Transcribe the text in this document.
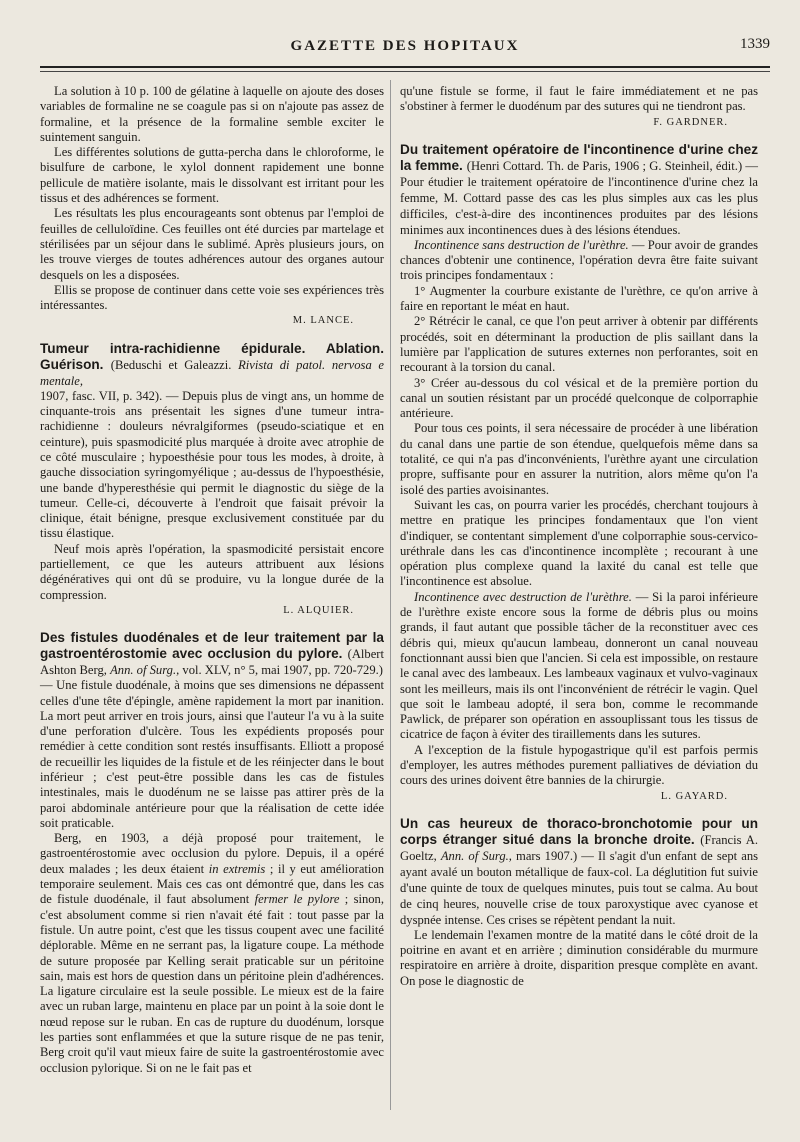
GAZETTE DES HOPITAUX	1339

La solution à 10 p. 100 de gélatine à laquelle on ajoute des doses variables de formaline ne se coagule pas si on n'ajoute pas assez de formaline, et la présence de la formaline semble exciter le suintement sanguin.

Les différentes solutions de gutta-percha dans le chloroforme, le bisulfure de carbone, le xylol donnent rapidement une bonne pellicule de matière isolante, mais le dissolvant est irritant pour les tissus et des adhérences se forment.

Les résultats les plus encourageants sont obtenus par l'emploi de feuilles de celluloïdine. Ces feuilles ont été durcies par martelage et stérilisées par un séjour dans le sublimé. Après plusieurs jours, on les trouve vierges de toutes adhérences autour des organes autour desquels on les a disposées.

Ellis se propose de continuer dans cette voie ses expériences très intéressantes.

M. LANCE.
Tumeur intra-rachidienne épidurale. Ablation. Guérison. (Beduschi et Galeazzi. Rivista di patol. nervosa e mentale,

1907, fasc. VII, p. 342). — Depuis plus de vingt ans, un homme de cinquante-trois ans présentait les signes d'une tumeur intra-rachidienne : douleurs névralgiformes (pseudo-sciatique et en ceinture), puis spasmodicité plus marquée à droite avec atrophie de ce côté musculaire ; hypoesthésie pour tous les modes, à droite, à gauche dissociation syringomyélique ; au-dessus de l'hypoesthésie, une bande d'hyperesthésie qui permit le diagnostic du siège de la tumeur. Celle-ci, découverte à l'endroit que faisait prévoir la clinique, était bénigne, presque exclusivement constituée par du tissu élastique.

Neuf mois après l'opération, la spasmodicité persistait encore partiellement, ce que les auteurs attribuent aux lésions dégénératives qui ont dû se produire, vu la longue durée de la compression.

L. ALQUIER.
Des fistules duodénales et de leur traitement par la gastroentérostomie avec occlusion du pylore. (Albert Ashton Berg, Ann. of Surg., vol. XLV, n° 5, mai 1907, pp. 720-729.)

— Une fistule duodénale, à moins que ses dimensions ne dépassent celles d'une tête d'épingle, amène rapidement la mort par inanition. La mort peut arriver en trois jours, ainsi que l'auteur l'a vu à la suite d'une perforation d'ulcère. Tous les expédients proposés pour remédier à cette condition sont restés insuffisants. Elliott a proposé de recueillir les liquides de la fistule et de les réinjecter dans le bout inférieur ; c'est peut-être possible dans les cas de fistules intestinales, mais le duodénum ne se laisse pas attirer près de la paroi abdominale antérieure pour que la réalisation de cette idée soit praticable.

Berg, en 1903, a déjà proposé pour traitement, le gastroentérostomie avec occlusion du pylore. Depuis, il a opéré deux malades ; les deux étaient in extremis ; il y eut amélioration temporaire seulement. Mais ces cas ont démontré que, dans les cas de fistule duodénale, il faut absolument fermer le pylore ; sinon, c'est absolument comme si rien n'avait été fait : tout passe par la fistule. Un autre point, c'est que les tissus coupent avec une facilité déplorable. Même en ne serrant pas, la ligature coupe. La méthode de suture proposée par Kelling serait praticable sur un péritoine sain, mais est hors de question dans un péritoine plein d'adhérences. La ligature circulaire est la seule possible. Le mieux est de la faire avec un ruban large, maintenu en place par un point à la soie dont le nœud repose sur le ruban. En cas de rupture du duodénum, lorsque les parties sont enflammées et que la suture risque de ne pas tenir, Berg croit qu'il vaut mieux faire de suite la gastroentérostomie avec occlusion pylorique. Si on ne le fait pas et

qu'une fistule se forme, il faut le faire immédiatement et ne pas s'obstiner à fermer le duodénum par des sutures qui ne tiendront pas.

F. GARDNER.
Du traitement opératoire de l'incontinence d'urine chez la femme. (Henri Cottard. Th. de Paris, 1906 ; G. Steinheil, édit.) — Pour étudier le traitement opératoire de l'incontinence d'urine chez la femme, M. Cottard passe des cas les plus simples aux cas les plus difficiles, c'est-à-dire des incontinences produites par des lésions minimes aux incontinences dues à des lésions étendues.

Incontinence sans destruction de l'urèthre. — Pour avoir de grandes chances d'obtenir une continence, l'opération devra être faite suivant trois principes fondamentaux :

1° Augmenter la courbure existante de l'urèthre, ce qu'on arrive à faire en reportant le méat en haut.

2° Rétrécir le canal, ce que l'on peut arriver à obtenir par différents procédés, soit en déterminant la production de plis saillant dans la lumière par l'application de sutures externes non perforantes, soit en recourant à la torsion du canal.

3° Créer au-dessous du col vésical et de la première portion du canal un soutien résistant par un procédé quelconque de colporraphie antérieure.

Pour tous ces points, il sera nécessaire de procéder à une libération du canal dans une partie de son étendue, quelquefois même dans sa totalité, ce qui n'a pas d'inconvénients, l'urèthre ayant une circulation propre, suffisante pour en assurer la nutrition, alors même qu'on l'a isolé des parties avoisinantes.

Suivant les cas, on pourra varier les procédés, cherchant toujours à mettre en pratique les principes fondamentaux que l'on vient d'indiquer, se contentant simplement d'une colporraphie sous-cervico-uréthrale dans les cas d'incontinence incomplète ; recourant à une opération plus complexe quand la laxité du canal est telle que l'incontinence est absolue.

Incontinence avec destruction de l'urèthre. — Si la paroi inférieure de l'urèthre existe encore sous la forme de débris plus ou moins grands, il faut autant que possible tâcher de la reconstituer avec ces débris qui, mieux qu'aucun lambeau, donneront un canal nouveau fonctionnant aussi bien que l'ancien. Si cela est impossible, on restaure le canal avec des lambeaux. Les lambeaux vaginaux et vulvo-vaginaux sont les meilleurs, mais ils ont l'inconvénient de rétrécir le vagin. Quel que soit le lambeau adopté, il sera bon, comme le recommande Pawlick, de préparer son opération en assouplissant tous les tissus de cicatrice de façon à éviter des tiraillements dans les sutures.

A l'exception de la fistule hypogastrique qu'il est parfois permis d'employer, les autres méthodes purement palliatives de déviation du cours des urines doivent être bannies de la chirurgie.

L. GAYARD.
Un cas heureux de thoraco-bronchotomie pour un corps étranger situé dans la bronche droite. (Francis A. Goeltz, Ann. of Surg., mars 1907.) — Il s'agit d'un enfant de sept ans ayant avalé un bouton métallique de faux-col. La déglutition fut suivie d'une quinte de toux de quelques minutes, puis tout se calma. Au bout de cinq heures, nouvelle crise de toux paroxystique avec cyanose et dyspnée intense. Ces crises se répètent pendant la nuit.

Le lendemain l'examen montre de la matité dans le côté droit de la poitrine en avant et en arrière ; diminution considérable du murmure respiratoire en arrière à droite, disparition presque complète en avant. On pose le diagnostic de
